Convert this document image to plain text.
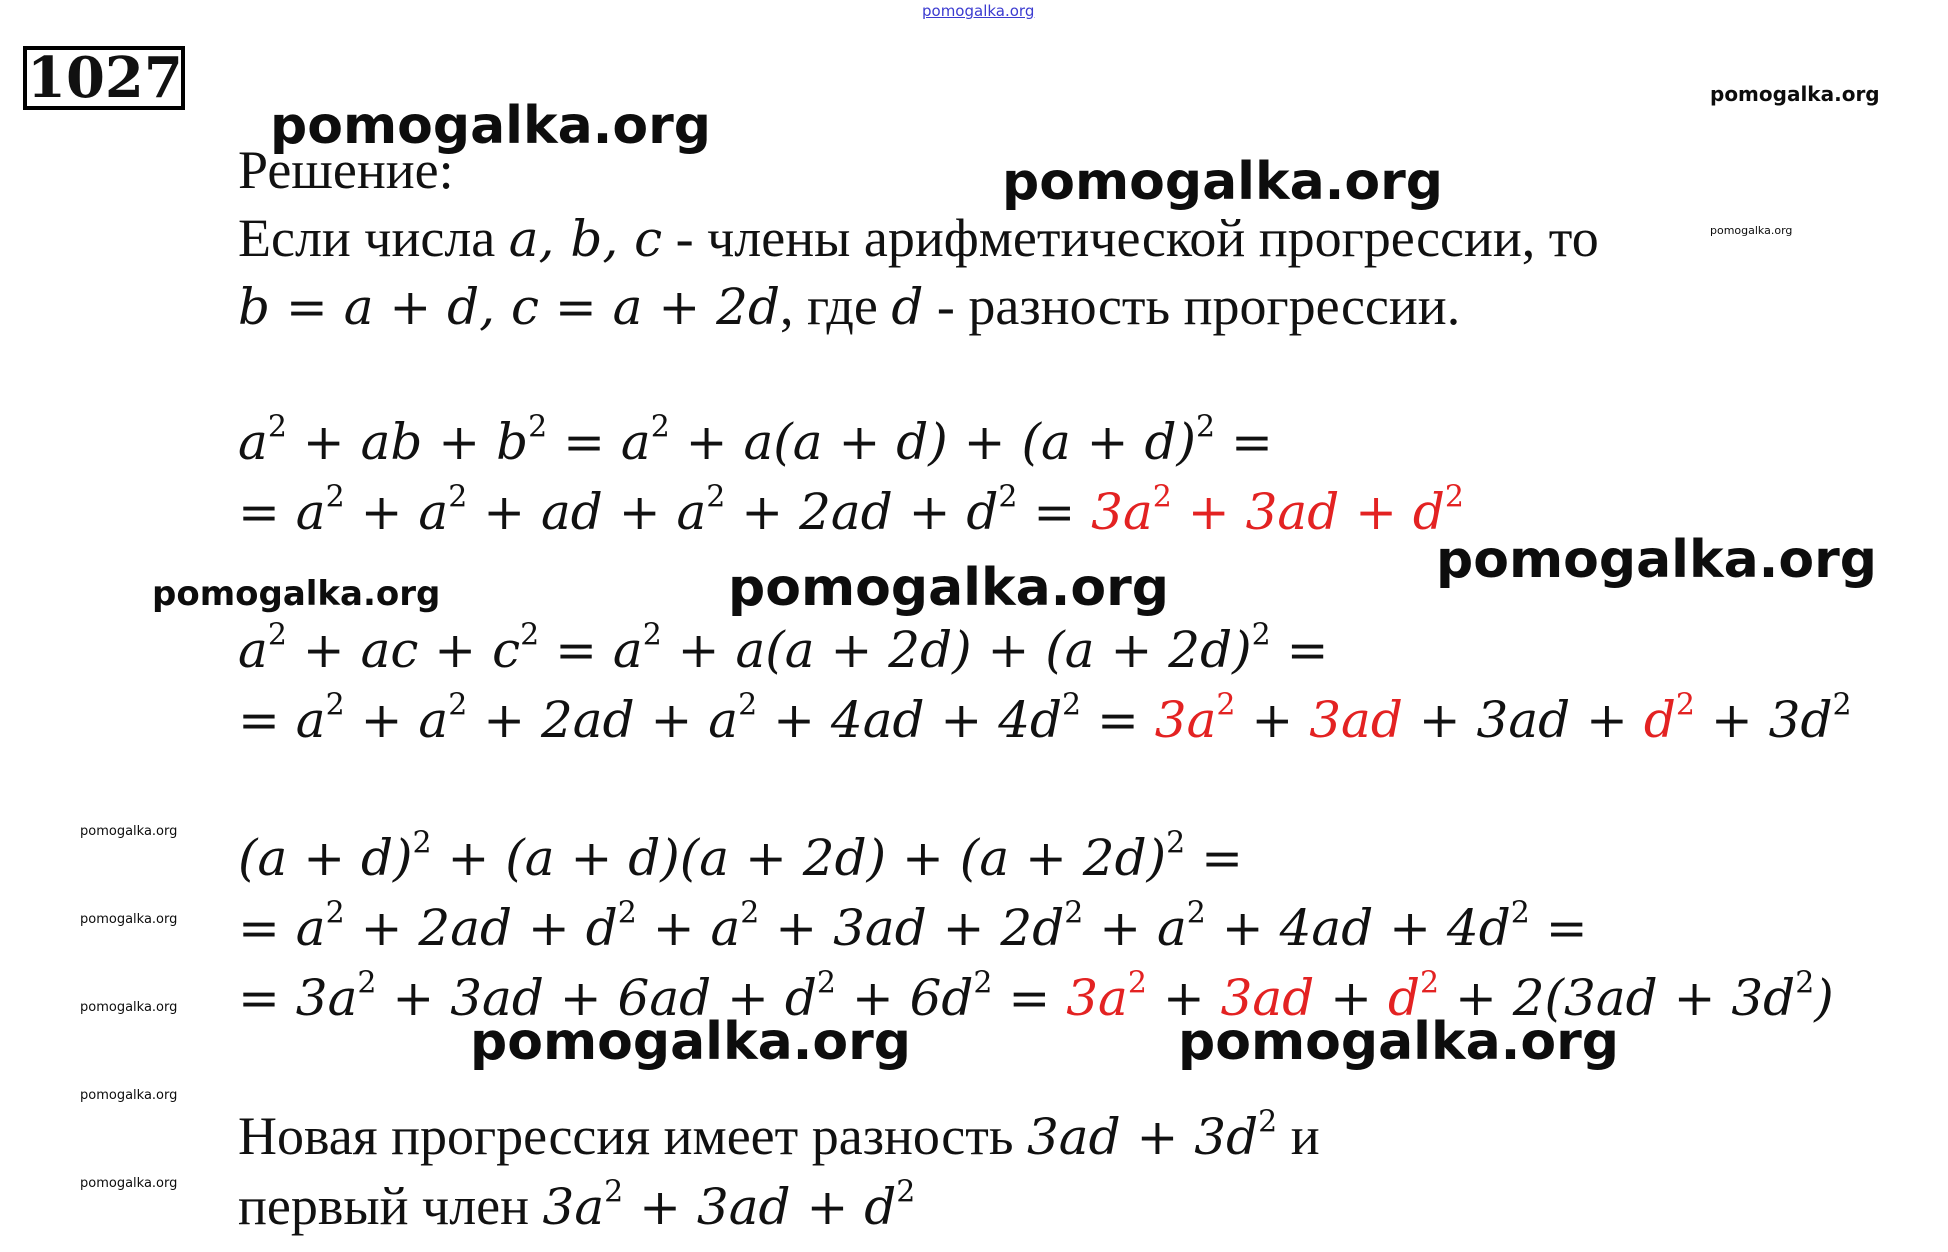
pomogalka.org
1027
Решение:
Если числа a, b, c - члены арифметической прогрессии, то
b = a + d, c = a + 2d, где d - разность прогрессии.
$a^2$ + ab + $b^2 = a^2 + a(a + d) + (a + d)^2$ =
= $a^2 + a^2$ + ad + $a^2 + 2ad + d^2 = 3a^2 + 3ad + d^2$
$a^2$ + ac + $c^2 = a^2 + a(a + 2d) + (a + 2d)^2$ =
= $a^2 + a^2 + 2ad + a^2 + 4ad + 4d^2 = 3a^2 + 3ad + 3ad + d^2 + 3d^2$
$(a + d)^2 + (a + d)(a + 2d) + (a + 2d)^2$ =
= $a^2 + 2ad + d^2 + a^2 + 3ad + 2d^2 + a^2 + 4ad + 4d^2$ =
= $3a^2 + 3ad + 6ad + d^2 + 6d^2 = 3a^2 + 3ad + d^2 + 2(3ad + 3d^2)$
Новая прогрессия имеет разность $3ad + 3d^2$ и
первый член $3a^2 + 3ad + d^2$
pomogalka.org
pomogalka.org
pomogalka.org
pomogalka.org
pomogalka.org
pomogalka.org	pomogalka.org
pomogalka.org
pomogalka.org
pomogalka.org
pomogalka.org	pomogalka.org
pomogalka.org
pomogalka.org
